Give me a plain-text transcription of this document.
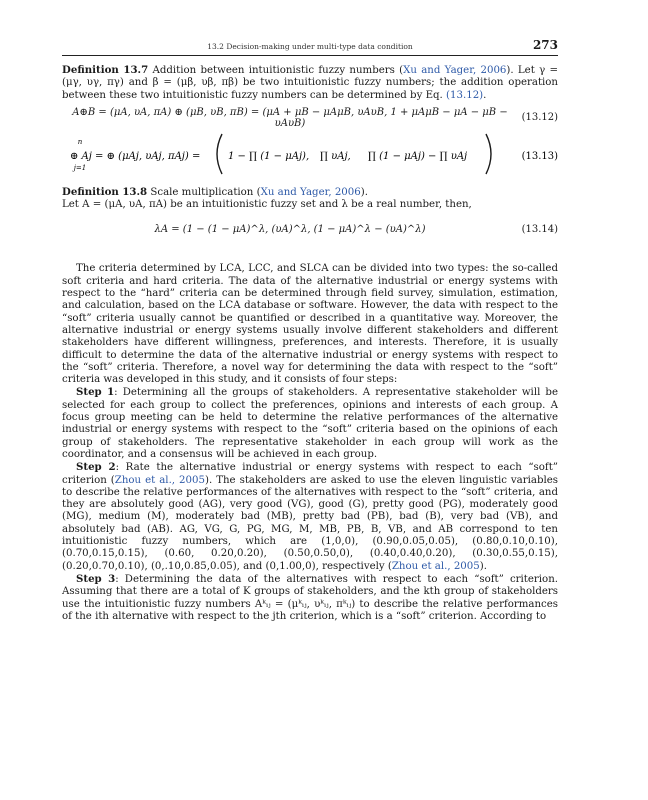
13.2 Decision-making under multi-type data condition	273

Definition 13.7 Addition between intuitionistic fuzzy numbers (Xu and Yager, 2006). Let γ = (μγ, υγ, πγ) and β = (μβ, υβ, πβ) be two intuitionistic fuzzy numbers; the addition operation between these two intuitionistic fuzzy numbers can be determined by Eq. (13.12).

A⊕B = (μA, υA, πA) ⊕ (μB, υB, πB) = (μA + μB − μAμB, υAυB, 1 + μAμB − μA − μB − υAυB)	(13.12)
n
j=1
⊕ Aj = ⊕ (μAj, υAj, πAj) =	1 − ∏ (1 − μAj), ∏ υAj, ∏ (1 − μAj) − ∏ υAj	(13.13)

Definition 13.8 Scale multiplication (Xu and Yager, 2006).

Let A = (μA, υA, πA) be an intuitionistic fuzzy set and λ be a real number, then,

λA = (1 − (1 − μA)^λ, (υA)^λ, (1 − μA)^λ − (υA)^λ)	(13.14)

The criteria determined by LCA, LCC, and SLCA can be divided into two types: the so-called soft criteria and hard criteria. The data of the alternative industrial or energy systems with respect to the “hard” criteria can be determined through field survey, simulation, estimation, and calculation, based on the LCA database or software. However, the data with respect to the “soft” criteria usually cannot be quantified or described in a quantitative way. Moreover, the alternative industrial or energy systems usually involve different stakeholders and different stakeholders have different willingness, preferences, and interests. Therefore, it is usually difficult to determine the data of the alternative industrial or energy systems with respect to the “soft” criteria. Therefore, a novel way for determining the data with respect to the “soft” criteria was developed in this study, and it consists of four steps:

Step 1: Determining all the groups of stakeholders. A representative stakeholder will be selected for each group to collect the preferences, opinions and interests of each group. A focus group meeting can be held to determine the relative performances of the alternative industrial or energy systems with respect to the “soft” criteria based on the opinions of each group of stakeholders. The representative stakeholder in each group will work as the coordinator, and a consensus will be achieved in each group.

Step 2: Rate the alternative industrial or energy systems with respect to each “soft” criterion (Zhou et al., 2005). The stakeholders are asked to use the eleven linguistic variables to describe the relative performances of the alternatives with respect to the “soft” criteria, and they are absolutely good (AG), very good (VG), good (G), pretty good (PG), moderately good (MG), medium (M), moderately bad (MB), pretty bad (PB), bad (B), very bad (VB), and absolutely bad (AB). AG, VG, G, PG, MG, M, MB, PB, B, VB, and AB correspond to ten intuitionistic fuzzy numbers, which are (1,0,0), (0.90,0.05,0.05), (0.80,0.10,0.10), (0.70,0.15,0.15), (0.60, 0.20,0.20), (0.50,0.50,0), (0.40,0.40,0.20), (0.30,0.55,0.15), (0.20,0.70,0.10), (0,.10,0.85,0.05), and (0,1.00,0), respectively (Zhou et al., 2005).

Step 3: Determining the data of the alternatives with respect to each “soft” criterion. Assuming that there are a total of K groups of stakeholders, and the kth group of stakeholders use the intuitionistic fuzzy numbers Aᵏᵢⱼ = (μᵏᵢⱼ, υᵏᵢⱼ, πᵏᵢⱼ) to describe the relative performances of the ith alternative with respect to the jth criterion, which is a “soft” criterion. According to
